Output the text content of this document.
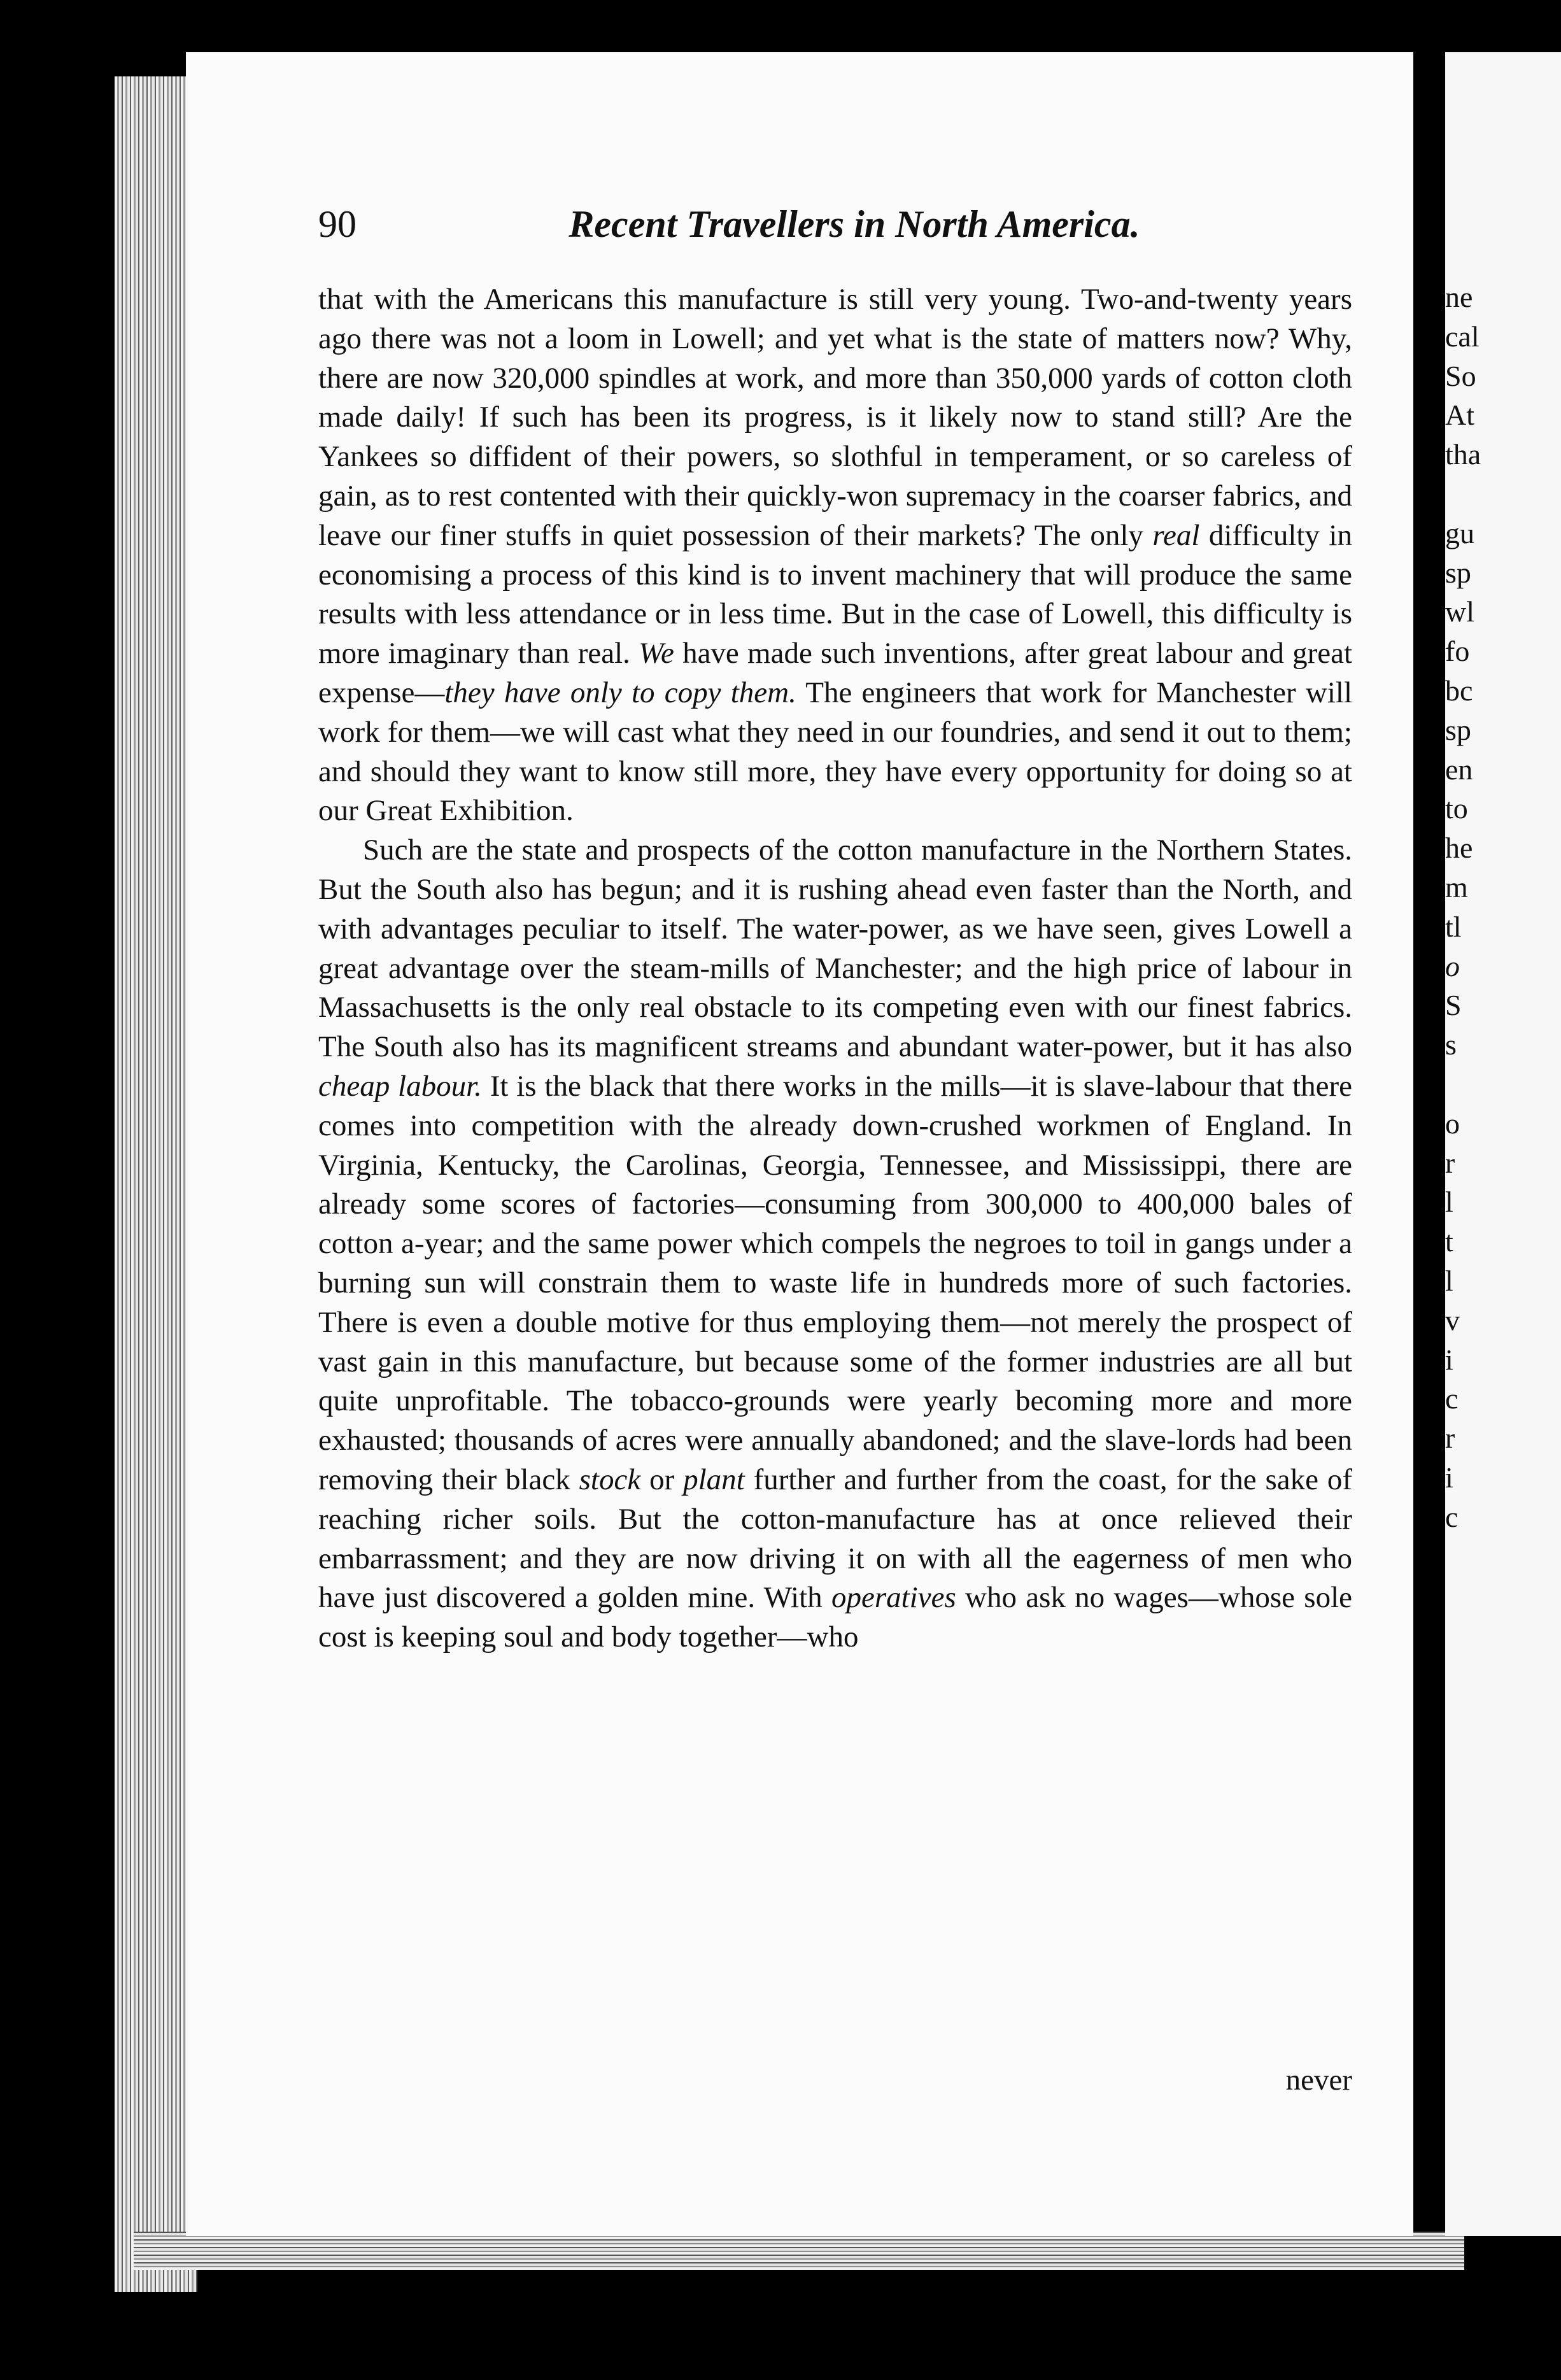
ne
cal
So
At
tha
gu
sp
wl
fo
bc
sp
en
to
he
m
tl
o
S
s
o
r
l
t
l
v
i
c
r
i
c
90	Recent Travellers in North America.

that with the Americans this manufacture is still very young. Two-and-twenty years ago there was not a loom in Lowell; and yet what is the state of matters now? Why, there are now 320,000 spindles at work, and more than 350,000 yards of cotton cloth made daily! If such has been its progress, is it likely now to stand still? Are the Yankees so diffident of their powers, so slothful in temperament, or so careless of gain, as to rest contented with their quickly-won supremacy in the coarser fabrics, and leave our finer stuffs in quiet possession of their markets? The only real difficulty in economising a process of this kind is to invent machinery that will produce the same results with less attendance or in less time. But in the case of Lowell, this difficulty is more imaginary than real. We have made such inventions, after great labour and great expense—they have only to copy them. The engineers that work for Manchester will work for them—we will cast what they need in our foundries, and send it out to them; and should they want to know still more, they have every opportunity for doing so at our Great Exhibition.

Such are the state and prospects of the cotton manufacture in the Northern States. But the South also has begun; and it is rushing ahead even faster than the North, and with advantages peculiar to itself. The water-power, as we have seen, gives Lowell a great advantage over the steam-mills of Manchester; and the high price of labour in Massachusetts is the only real obstacle to its competing even with our finest fabrics. The South also has its magnificent streams and abundant water-power, but it has also cheap labour. It is the black that there works in the mills—it is slave-labour that there comes into competition with the already down-crushed workmen of England. In Virginia, Kentucky, the Carolinas, Georgia, Tennessee, and Mississippi, there are already some scores of factories—consuming from 300,000 to 400,000 bales of cotton a-year; and the same power which compels the negroes to toil in gangs under a burning sun will constrain them to waste life in hundreds more of such factories. There is even a double motive for thus employing them—not merely the prospect of vast gain in this manufacture, but because some of the former industries are all but quite unprofitable. The tobacco-grounds were yearly becoming more and more exhausted; thousands of acres were annually abandoned; and the slave-lords had been removing their black stock or plant further and further from the coast, for the sake of reaching richer soils. But the cotton-manufacture has at once relieved their embarrassment; and they are now driving it on with all the eagerness of men who have just discovered a golden mine. With operatives who ask no wages—whose sole cost is keeping soul and body together—who

never
